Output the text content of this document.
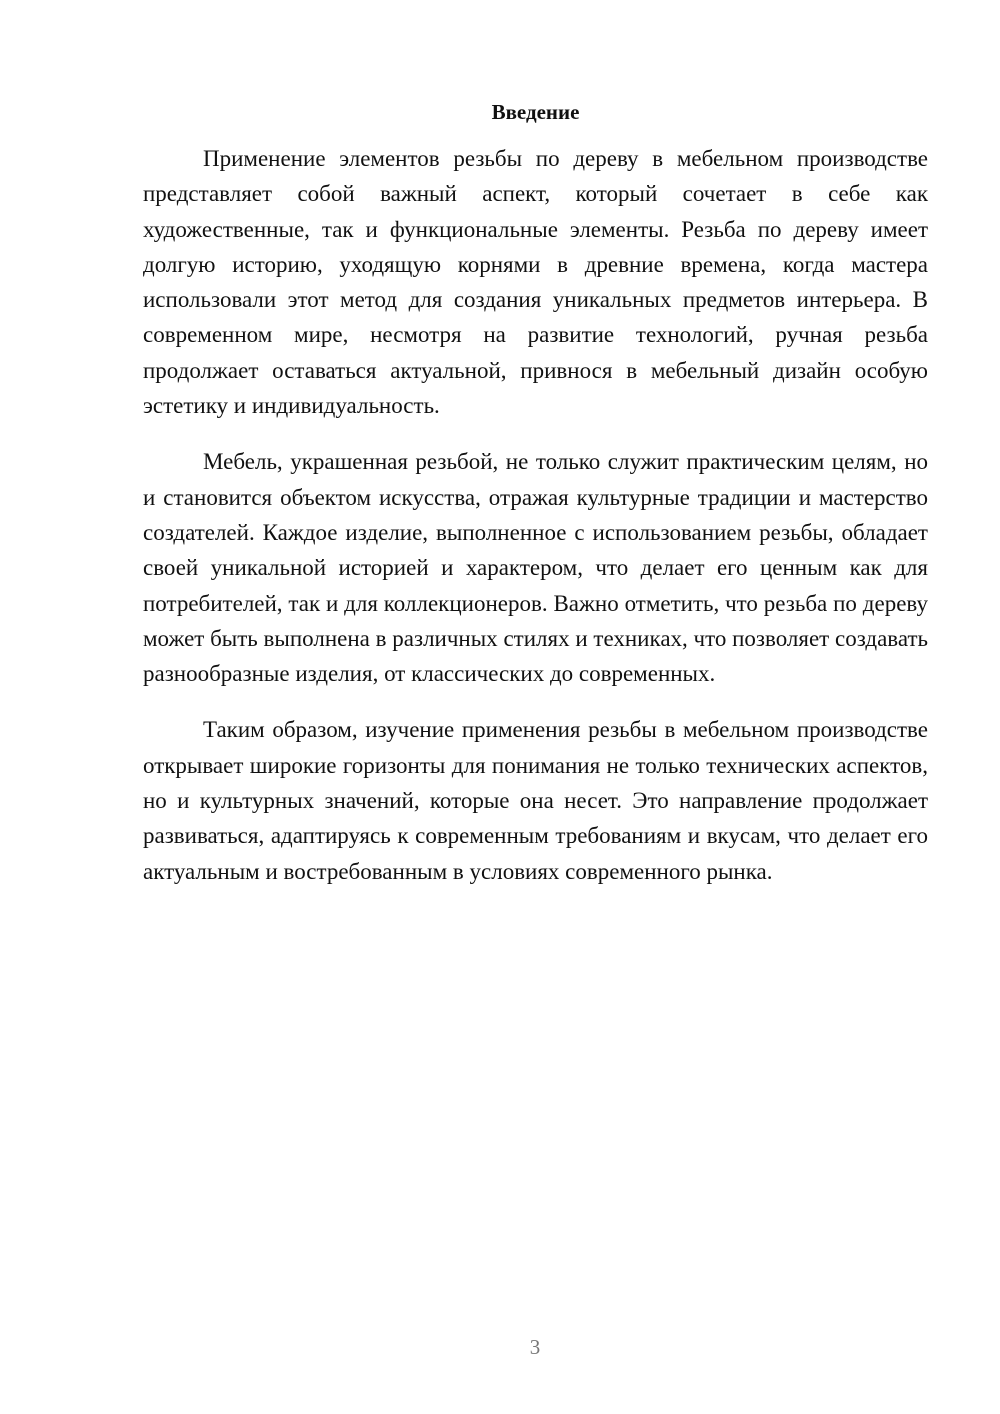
Введение

Применение элементов резьбы по дереву в мебельном производстве представляет собой важный аспект, который сочетает в себе как художественные, так и функциональные элементы. Резьба по дереву имеет долгую историю, уходящую корнями в древние времена, когда мастера использовали этот метод для создания уникальных предметов интерьера. В современном мире, несмотря на развитие технологий, ручная резьба продолжает оставаться актуальной, привнося в мебельный дизайн особую эстетику и индивидуальность.

Мебель, украшенная резьбой, не только служит практическим целям, но и становится объектом искусства, отражая культурные традиции и мастерство создателей. Каждое изделие, выполненное с использованием резьбы, обладает своей уникальной историей и характером, что делает его ценным как для потребителей, так и для коллекционеров. Важно отметить, что резьба по дереву может быть выполнена в различных стилях и техниках, что позволяет создавать разнообразные изделия, от классических до современных.

Таким образом, изучение применения резьбы в мебельном производстве открывает широкие горизонты для понимания не только технических аспектов, но и культурных значений, которые она несет. Это направление продолжает развиваться, адаптируясь к современным требованиям и вкусам, что делает его актуальным и востребованным в условиях современного рынка.

3
